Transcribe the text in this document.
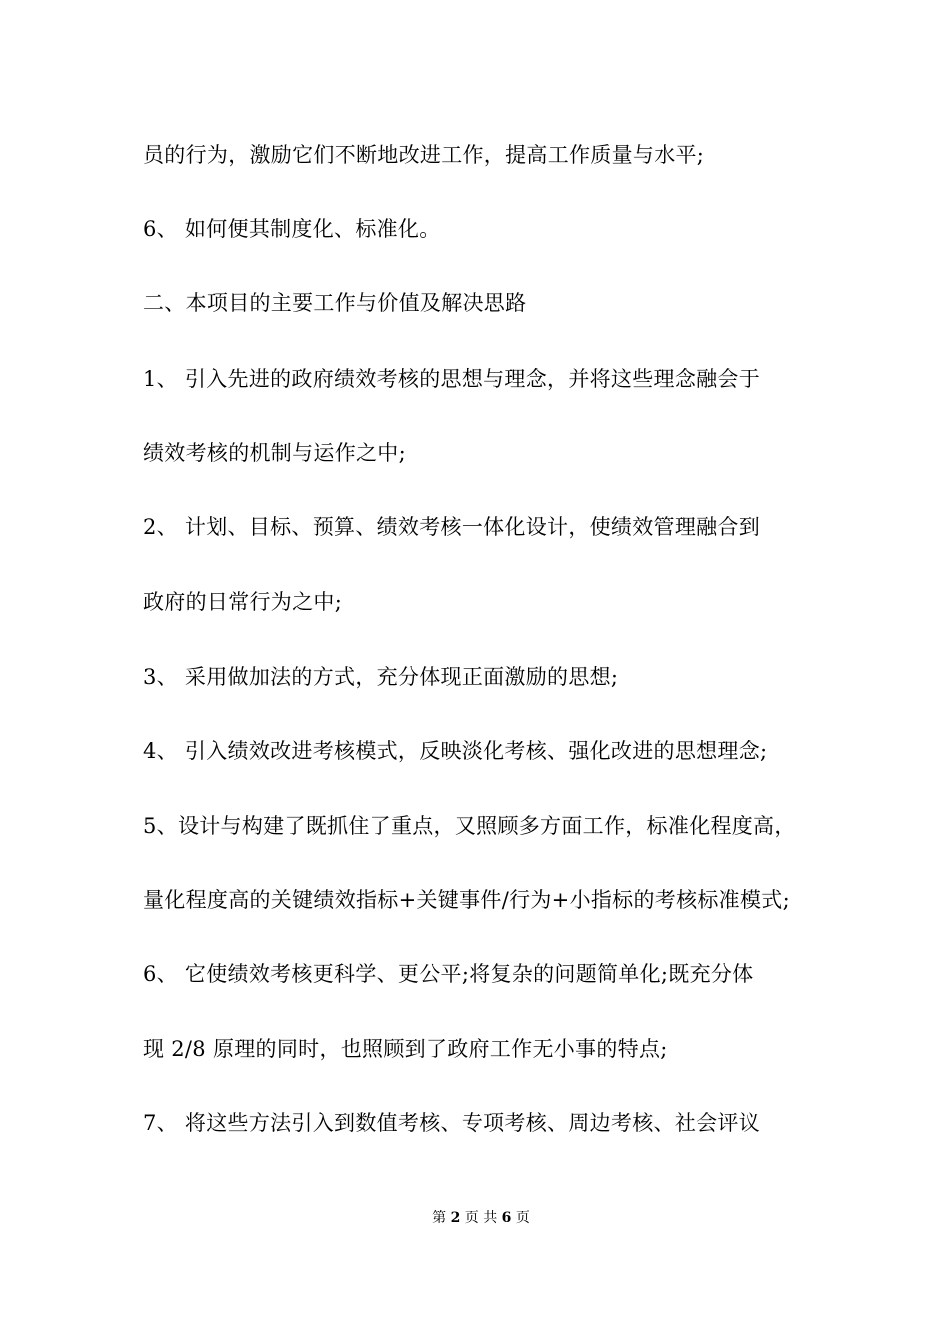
员的行为，激励它们不断地改进工作，提高工作质量与水平;
6、 如何便其制度化、标准化。
二、本项目的主要工作与价值及解决思路
1、 引入先进的政府绩效考核的思想与理念，并将这些理念融会于
绩效考核的机制与运作之中;
2、 计划、目标、预算、绩效考核一体化设计，使绩效管理融合到
政府的日常行为之中;
3、 采用做加法的方式，充分体现正面激励的思想;
4、 引入绩效改进考核模式，反映淡化考核、强化改进的思想理念;
5、设计与构建了既抓住了重点，又照顾多方面工作，标准化程度高，
量化程度高的关键绩效指标+关键事件/行为+小指标的考核标准模式;
6、 它使绩效考核更科学、更公平;将复杂的问题简单化;既充分体
现 2/8 原理的同时，也照顾到了政府工作无小事的特点;
7、 将这些方法引入到数值考核、专项考核、周边考核、社会评议
第 2 页 共 6 页
